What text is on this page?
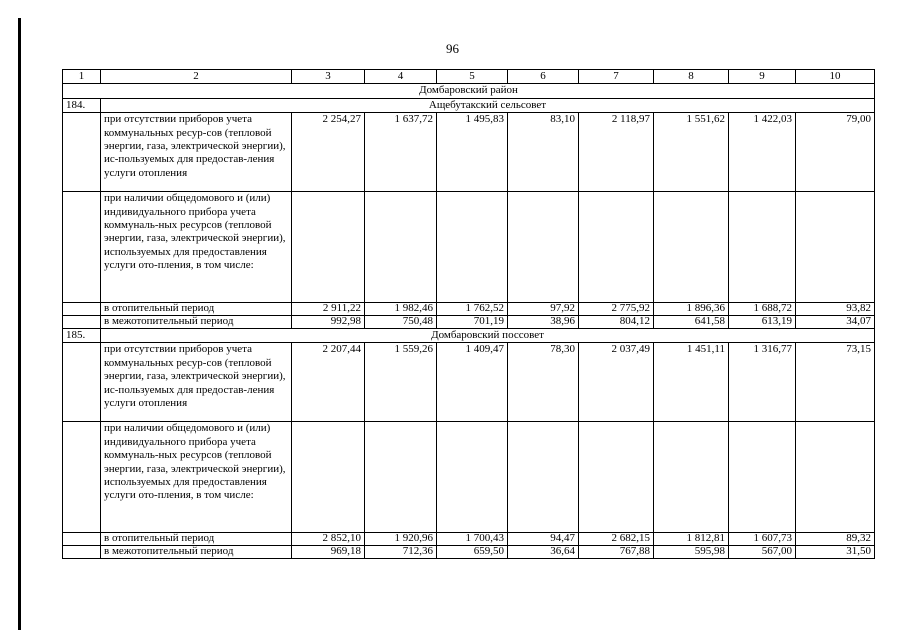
96
1	2	3	4	5	6	7	8	9	10
Домбаровский район									
184.	Ащебутакский сельсовет								
	при отсутствии приборов учета коммунальных ресур-сов (тепловой энергии, газа, электрической энергии), ис-пользуемых для предостав-ления услуги отопления	2 254,27	1 637,72	1 495,83	83,10	2 118,97	1 551,62	1 422,03	79,00
	при наличии общедомового и (или) индивидуального прибора учета коммуналь-ных ресурсов (тепловой энергии, газа, электрической энергии), используемых для предоставления услуги ото-пления, в том числе:								
	в отопительный период	2 911,22	1 982,46	1 762,52	97,92	2 775,92	1 896,36	1 688,72	93,82
	в межотопительный период	992,98	750,48	701,19	38,96	804,12	641,58	613,19	34,07
185.	Домбаровский поссовет								
	при отсутствии приборов учета коммунальных ресур-сов (тепловой энергии, газа, электрической энергии), ис-пользуемых для предостав-ления услуги отопления	2 207,44	1 559,26	1 409,47	78,30	2 037,49	1 451,11	1 316,77	73,15
	при наличии общедомового и (или) индивидуального прибора учета коммуналь-ных ресурсов (тепловой энергии, газа, электрической энергии), используемых для предоставления услуги ото-пления, в том числе:								
	в отопительный период	2 852,10	1 920,96	1 700,43	94,47	2 682,15	1 812,81	1 607,73	89,32
	в межотопительный период	969,18	712,36	659,50	36,64	767,88	595,98	567,00	31,50
